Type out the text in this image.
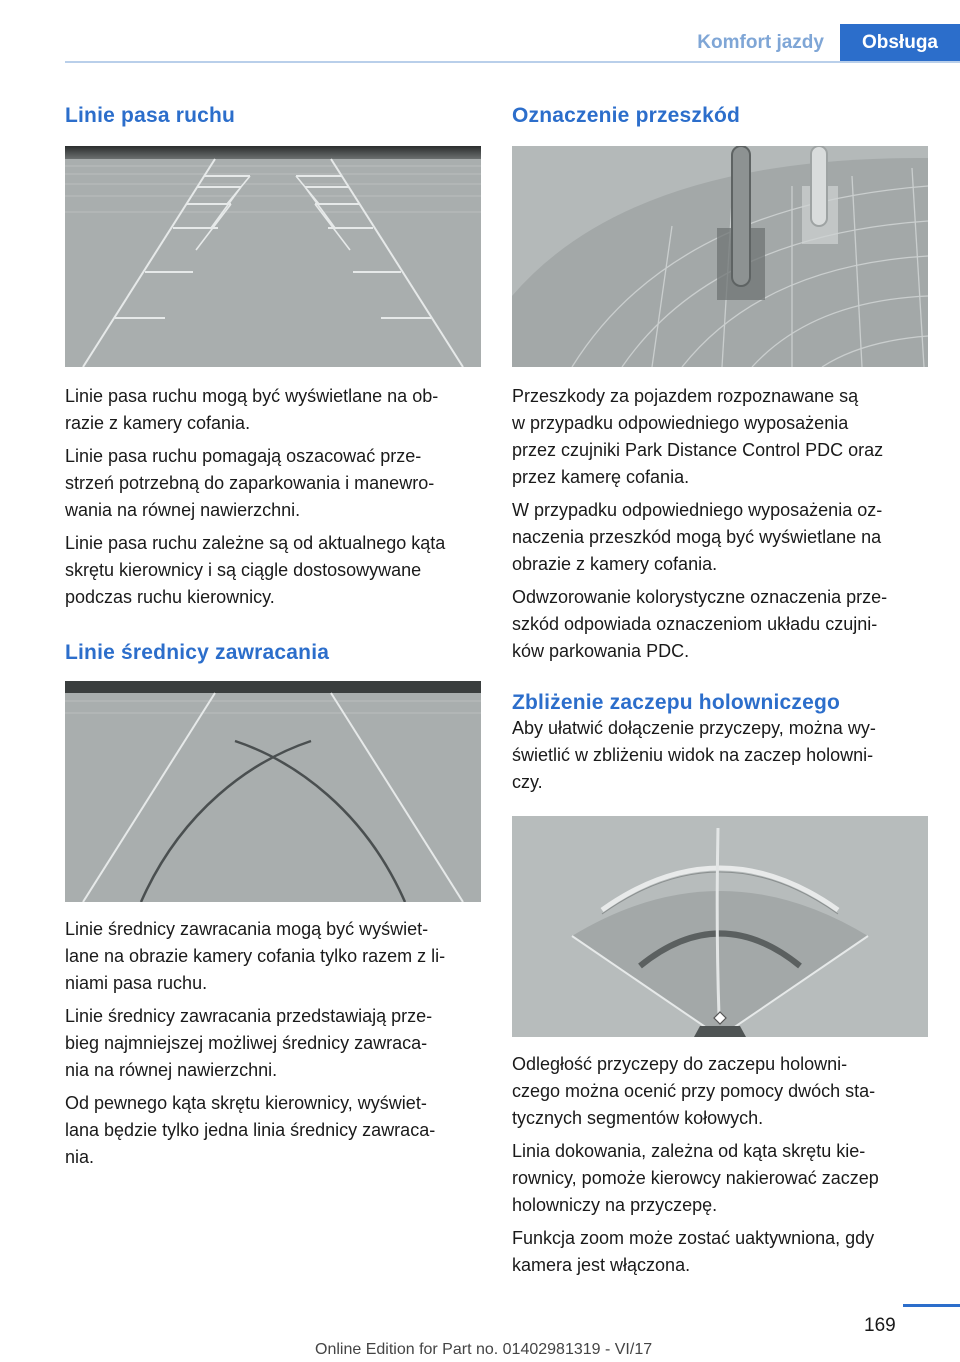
Komfort jazdy	Obsługa
Linie pasa ruchu

Linie pasa ruchu mogą być wyświetlane na ob-
razie z kamery cofania.

Linie pasa ruchu pomagają oszacować prze-
strzeń potrzebną do zaparkowania i manewro-
wania na równej nawierzchni.

Linie pasa ruchu zależne są od aktualnego kąta
skrętu kierownicy i są ciągle dostosowywane
podczas ruchu kierownicy.

Linie średnicy zawracania

Linie średnicy zawracania mogą być wyświet-
lane na obrazie kamery cofania tylko razem z li-
niami pasa ruchu.

Linie średnicy zawracania przedstawiają prze-
bieg najmniejszej możliwej średnicy zawraca-
nia na równej nawierzchni.

Od pewnego kąta skrętu kierownicy, wyświet-
lana będzie tylko jedna linia średnicy zawraca-
nia.

Oznaczenie przeszkód

Przeszkody za pojazdem rozpoznawane są
w przypadku odpowiedniego wyposażenia
przez czujniki Park Distance Control PDC oraz
przez kamerę cofania.

W przypadku odpowiedniego wyposażenia oz-
naczenia przeszkód mogą być wyświetlane na
obrazie z kamery cofania.

Odwzorowanie kolorystyczne oznaczenia prze-
szkód odpowiada oznaczeniom układu czujni-
ków parkowania PDC.

Zbliżenie zaczepu holowniczego

Aby ułatwić dołączenie przyczepy, można wy-
świetlić w zbliżeniu widok na zaczep holowni-
czy.

Odległość przyczepy do zaczepu holowni-
czego można ocenić przy pomocy dwóch sta-
tycznych segmentów kołowych.

Linia dokowania, zależna od kąta skrętu kie-
rownicy, pomoże kierowcy nakierować zaczep
holowniczy na przyczepę.

Funkcja zoom może zostać uaktywniona, gdy
kamera jest włączona.

169
Online Edition for Part no. 01402981319 - VI/17
